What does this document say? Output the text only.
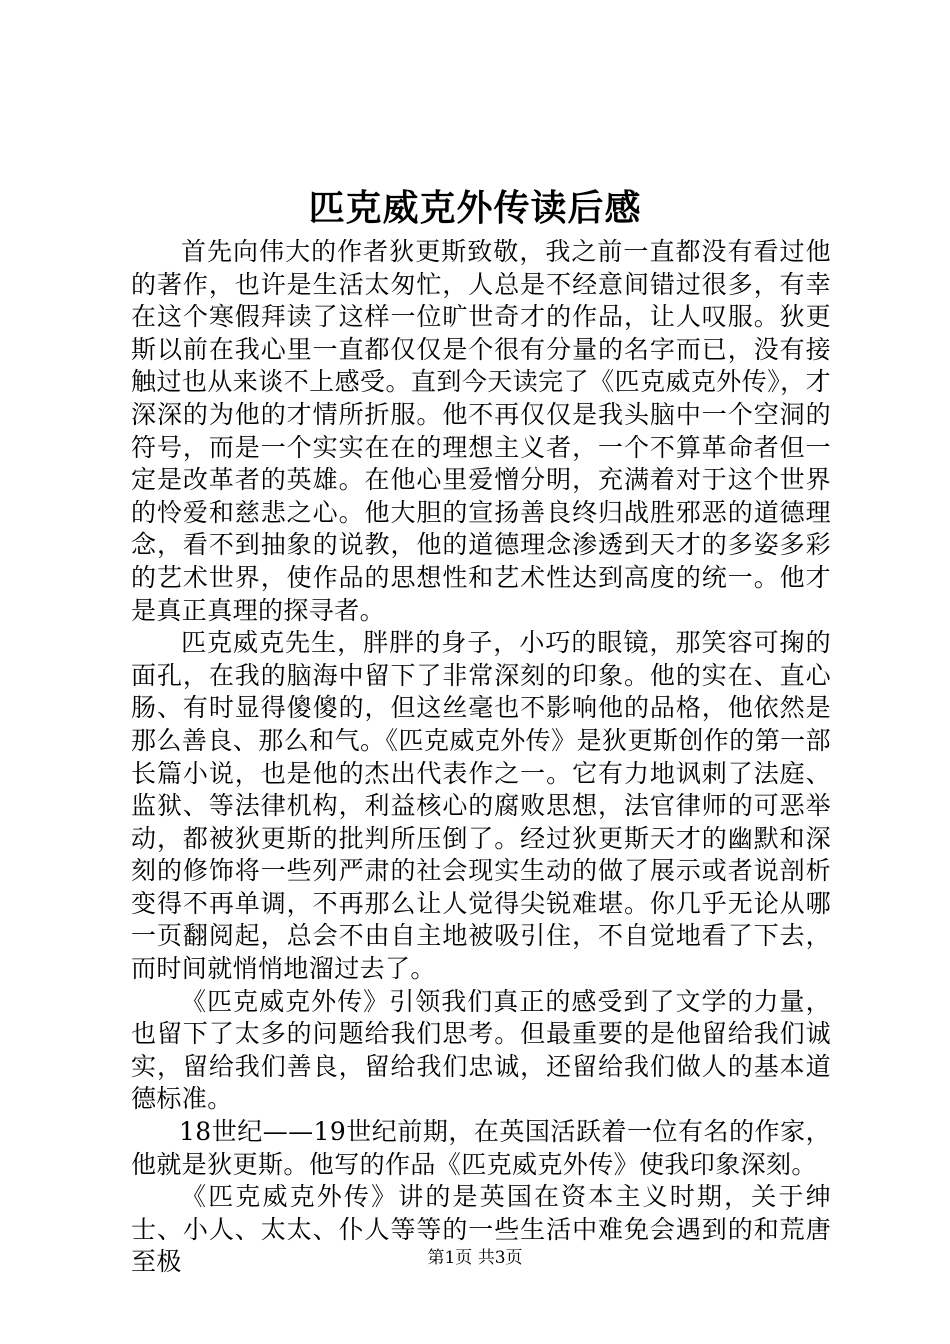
匹克威克外传读后感

首先向伟大的作者狄更斯致敬，我之前一直都没有看过他的著作，也许是生活太匆忙，人总是不经意间错过很多，有幸在这个寒假拜读了这样一位旷世奇才的作品，让人叹服。狄更斯以前在我心里一直都仅仅是个很有分量的名字而已，没有接触过也从来谈不上感受。直到今天读完了《匹克威克外传》，才深深的为他的才情所折服。他不再仅仅是我头脑中一个空洞的符号，而是一个实实在在的理想主义者，一个不算革命者但一定是改革者的英雄。在他心里爱憎分明，充满着对于这个世界的怜爱和慈悲之心。他大胆的宣扬善良终归战胜邪恶的道德理念，看不到抽象的说教，他的道德理念渗透到天才的多姿多彩的艺术世界，使作品的思想性和艺术性达到高度的统一。他才是真正真理的探寻者。

匹克威克先生，胖胖的身子，小巧的眼镜，那笑容可掬的面孔，在我的脑海中留下了非常深刻的印象。他的实在、直心肠、有时显得傻傻的，但这丝毫也不影响他的品格，他依然是那么善良、那么和气。《匹克威克外传》是狄更斯创作的第一部长篇小说，也是他的杰出代表作之一。它有力地讽刺了法庭、监狱、等法律机构，利益核心的腐败思想，法官律师的可恶举动，都被狄更斯的批判所压倒了。经过狄更斯天才的幽默和深刻的修饰将一些列严肃的社会现实生动的做了展示或者说剖析变得不再单调，不再那么让人觉得尖锐难堪。你几乎无论从哪一页翻阅起，总会不由自主地被吸引住，不自觉地看了下去，而时间就悄悄地溜过去了。

《匹克威克外传》引领我们真正的感受到了文学的力量，也留下了太多的问题给我们思考。但最重要的是他留给我们诚实，留给我们善良，留给我们忠诚，还留给我们做人的基本道德标准。

18世纪——19世纪前期，在英国活跃着一位有名的作家，他就是狄更斯。他写的作品《匹克威克外传》使我印象深刻。

《匹克威克外传》讲的是英国在资本主义时期，关于绅士、小人、太太、仆人等等的一些生活中难免会遇到的和荒唐至极	第1页 共3页
